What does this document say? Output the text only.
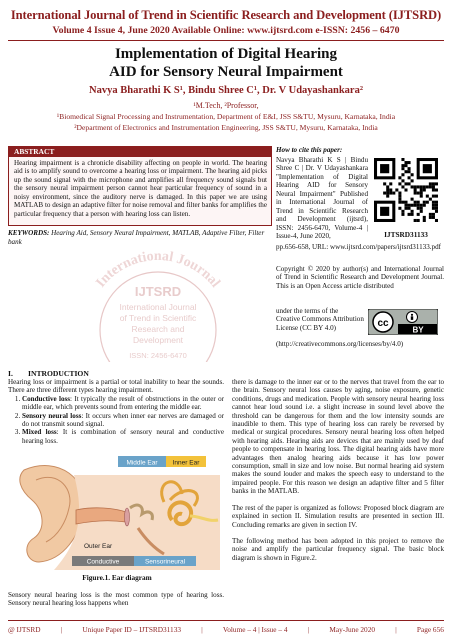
International Journal of Trend in Scientific Research and Development (IJTSRD)
Volume 4 Issue 4, June 2020 Available Online: www.ijtsrd.com e-ISSN: 2456 – 6470
Implementation of Digital Hearing
AID for Sensory Neural Impairment
Navya Bharathi K S¹, Bindu Shree C¹, Dr. V Udayashankara²
¹M.Tech, ²Professor,
¹Biomedical Signal Processing and Instrumentation, Department of E&I, JSS S&TU, Mysuru, Karnataka, India
²Department of Electronics and Instrumentation Engineering, JSS S&TU, Mysuru, Karnataka, India
ABSTRACT
Hearing impairment is a chronicle disability affecting on people in world. The hearing aid is to amplify sound to overcome a hearing loss or impairment. The hearing aid picks up the sound signal with the microphone and amplifies all frequency sound signals but the sensory neural impairment person cannot hear particular frequency of sound in a noisy environment, since the auditory nerve is damaged. In this paper we are using MATLAB to design an adaptive filter for noise removal and filter banks for amplifies the particular frequency that a person with hearing loss can listen.
KEYWORDS: Hearing Aid, Sensory Neural Impairment, MATLAB, Adaptive Filter, Filter bank
International Journal
IJTSRD
International Journal
of Trend in Scientific
Research and
Development
ISSN: 2456-6470
How to cite this paper:
Navya Bharathi K S | Bindu Shree C | Dr. V Udayashankara "Implementation of Digital Hearing AID for Sensory Neural Impairment" Published in International Journal of Trend in Scientific Research and Development (ijtsrd), ISSN: 2456-6470, Volume-4 | Issue-4, June 2020,	IJTSRD31133
pp.656-658, URL: www.ijtsrd.com/papers/ijtsrd31133.pdf
Copyright © 2020 by author(s) and International Journal of Trend in Scientific Research and Development Journal. This is an Open Access article distributed
under the terms of the Creative Commons Attribution License (CC BY 4.0)	cc
BY
(http://creativecommons.org/licenses/by/4.0)
I.        INTRODUCTION
Hearing loss or impairment is a partial or total inability to hear the sounds. There are three different types hearing impairment.
1. Conductive loss: It typically the result of obstructions in the outer or middle ear, which prevents sound from entering the middle ear.
2. Sensory neural loss: It occurs when inner ear nerves are damaged or do not transmit sound signal.
3. Mixed loss: It is combination of sensory neural and conductive hearing loss.
Middle Ear Inner Ear
Outer Ear
Conductive	Sensorineural
Figure.1. Ear diagram
Sensory neural hearing loss is the most common type of hearing loss. Sensory neural hearing loss happens when

there is damage to the inner ear or to the nerves that travel from the ear to the brain. Sensory neural loss causes by aging, noise exposure, genetic conditions, drugs and medication. People with sensory neural hearing loss cannot hear loud sound i.e. a slight increase in sound level above the threshold can be dangerous for them and the low intensity sounds are inaudible to them. This type of hearing loss can rarely be reversed by medical or surgical procedures. Sensory neural hearing loss often helped with hearing aids. Hearing aids are devices that are mainly used by deaf people to compensate in hearing loss. The digital hearing aids have more advantages then analog hearing aids because it has low power consumption, small in size and low noise. But normal hearing aid system makes the sound louder and makes the speech easy to understand to the impaired people. For this reason we design an adaptive filter and 5 filter banks in the MATLAB.

The rest of the paper is organized as follows: Proposed block diagram are explained in section II. Simulation results are presented in section III. Concluding remarks are given in section IV.

The following method has been adopted in this project to remove the noise and amplify the particular frequency signal. The basic block diagram is shown in Figure.2.

@ IJTSRD	|	Unique Paper ID – IJTSRD31133	|	Volume – 4 | Issue – 4	|	May-June 2020	|	Page 656
